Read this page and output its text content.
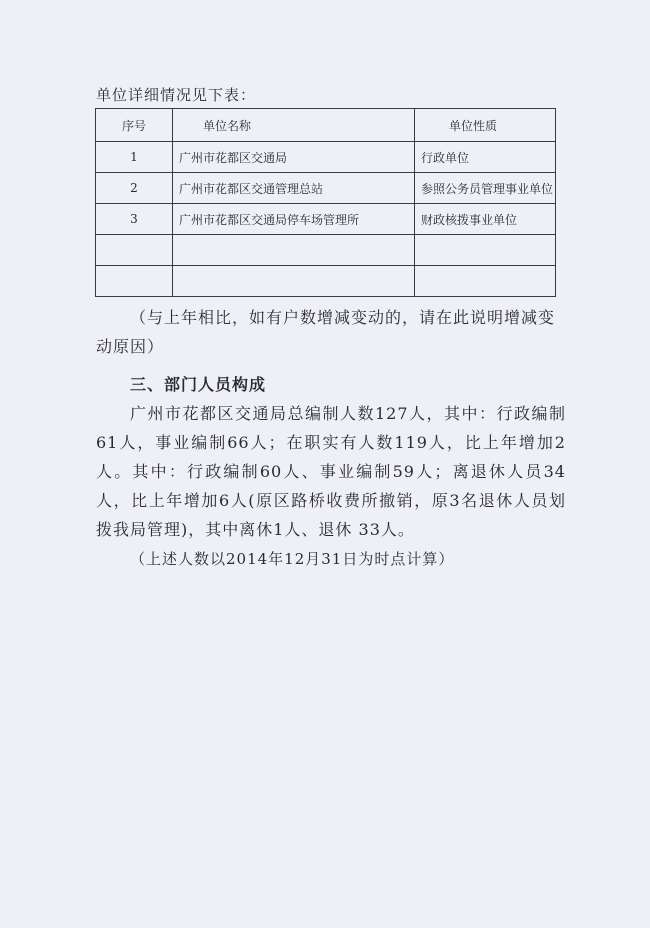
单位详细情况见下表：
序号	单位名称	单位性质
1	广州市花都区交通局	行政单位
2	广州市花都区交通管理总站	参照公务员管理事业单位
3	广州市花都区交通局停车场管理所	财政核拨事业单位

（与上年相比，如有户数增减变动的，请在此说明增减变动原因）

三、部门人员构成

广州市花都区交通局总编制人数127人，其中：行政编制61人，事业编制66人；在职实有人数119人，比上年增加2人。其中：行政编制60人、事业编制59人；离退休人员34人，比上年增加6人(原区路桥收费所撤销，原3名退休人员划拨我局管理)，其中离休1人、退休 33人。

（上述人数以2014年12月31日为时点计算）
